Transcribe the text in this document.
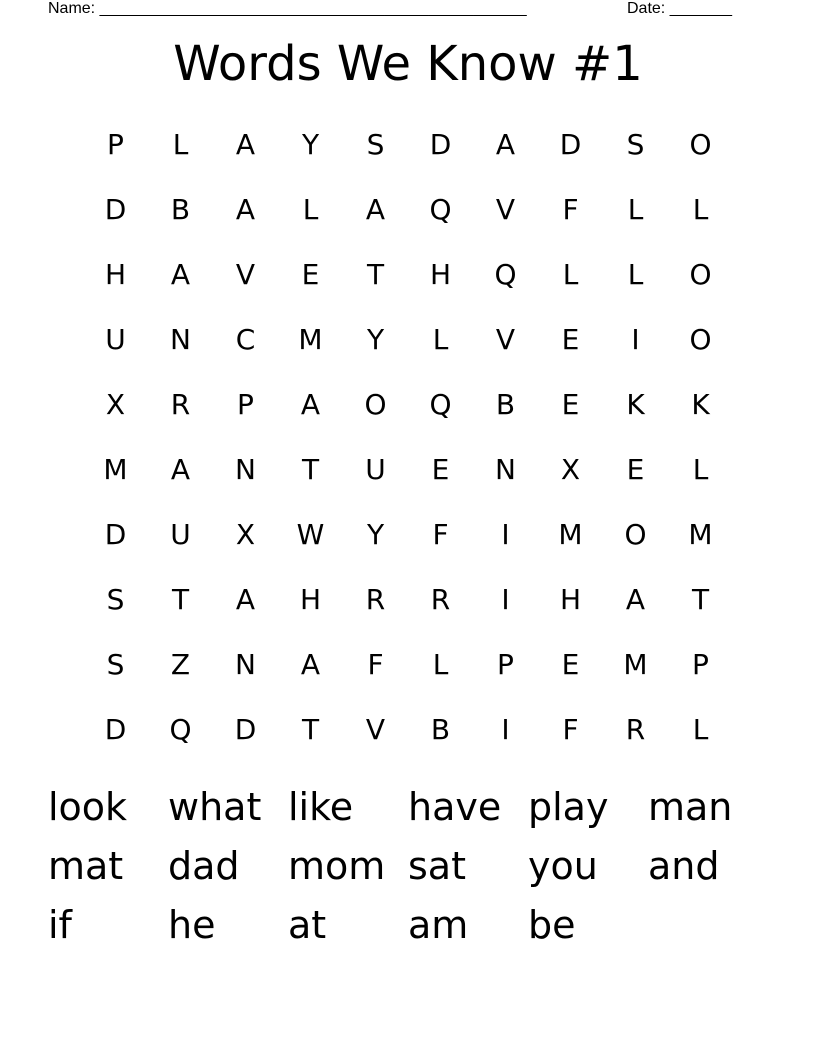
Name: ________________________________________________	Date: _______
Words We Know #1
P	L	A	Y	S	D	A	D	S	O
D	B	A	L	A	Q	V	F	L	L
H	A	V	E	T	H	Q	L	L	O
U	N	C	M	Y	L	V	E	I	O
X	R	P	A	O	Q	B	E	K	K
M	A	N	T	U	E	N	X	E	L
D	U	X	W	Y	F	I	M	O	M
S	T	A	H	R	R	I	H	A	T
S	Z	N	A	F	L	P	E	M	P
D	Q	D	T	V	B	I	F	R	L
look	what like	have play	man
mat	dad	mom sat	you	and
if	he	at	am	be
